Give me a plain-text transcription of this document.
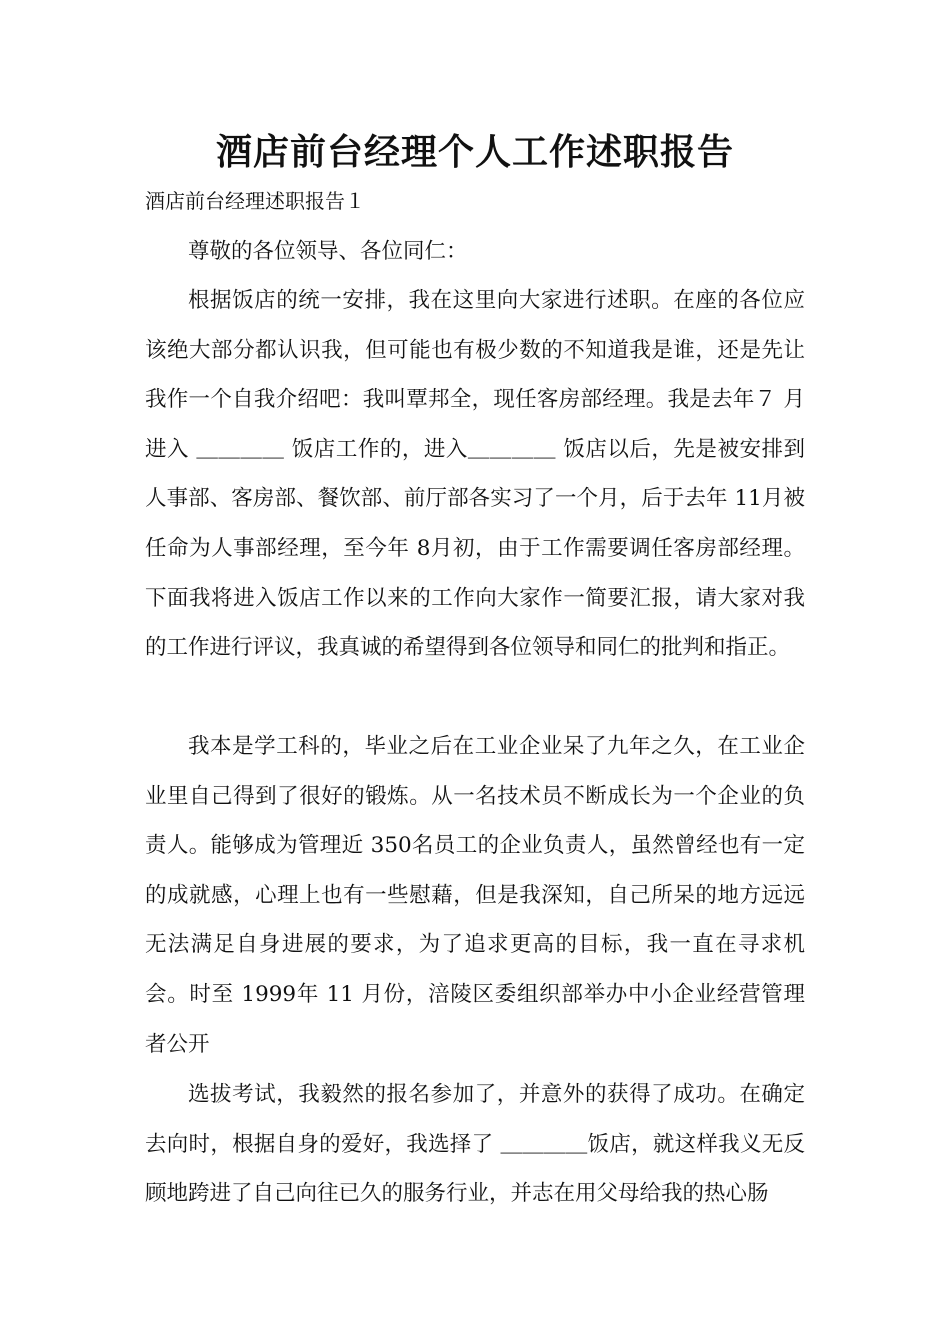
酒店前台经理个人工作述职报告

酒店前台经理述职报告１

尊敬的各位领导、各位同仁：

根据饭店的统一安排，我在这里向大家进行述职。在座的各位应该绝大部分都认识我，但可能也有极少数的不知道我是谁，还是先让我作一个自我介绍吧：我叫覃邦全，现任客房部经理。我是去年７ 月进入 ＿＿＿＿ 饭店工作的，进入＿＿＿＿ 饭店以后，先是被安排到人事部、客房部、餐饮部、前厅部各实习了一个月，后于去年 11月被任命为人事部经理，至今年 8月初，由于工作需要调任客房部经理。下面我将进入饭店工作以来的工作向大家作一简要汇报，请大家对我的工作进行评议，我真诚的希望得到各位领导和同仁的批判和指正。

我本是学工科的，毕业之后在工业企业呆了九年之久，在工业企业里自己得到了很好的锻炼。从一名技术员不断成长为一个企业的负责人。能够成为管理近 350名员工的企业负责人，虽然曾经也有一定的成就感，心理上也有一些慰藉，但是我深知，自己所呆的地方远远无法满足自身进展的要求，为了追求更高的目标，我一直在寻求机会。时至 1999年 11 月份，涪陵区委组织部举办中小企业经营管理者公开

选拔考试，我毅然的报名参加了，并意外的获得了成功。在确定去向时，根据自身的爱好，我选择了 ＿＿＿＿饭店，就这样我义无反顾地跨进了自己向往已久的服务行业，并志在用父母给我的热心肠
